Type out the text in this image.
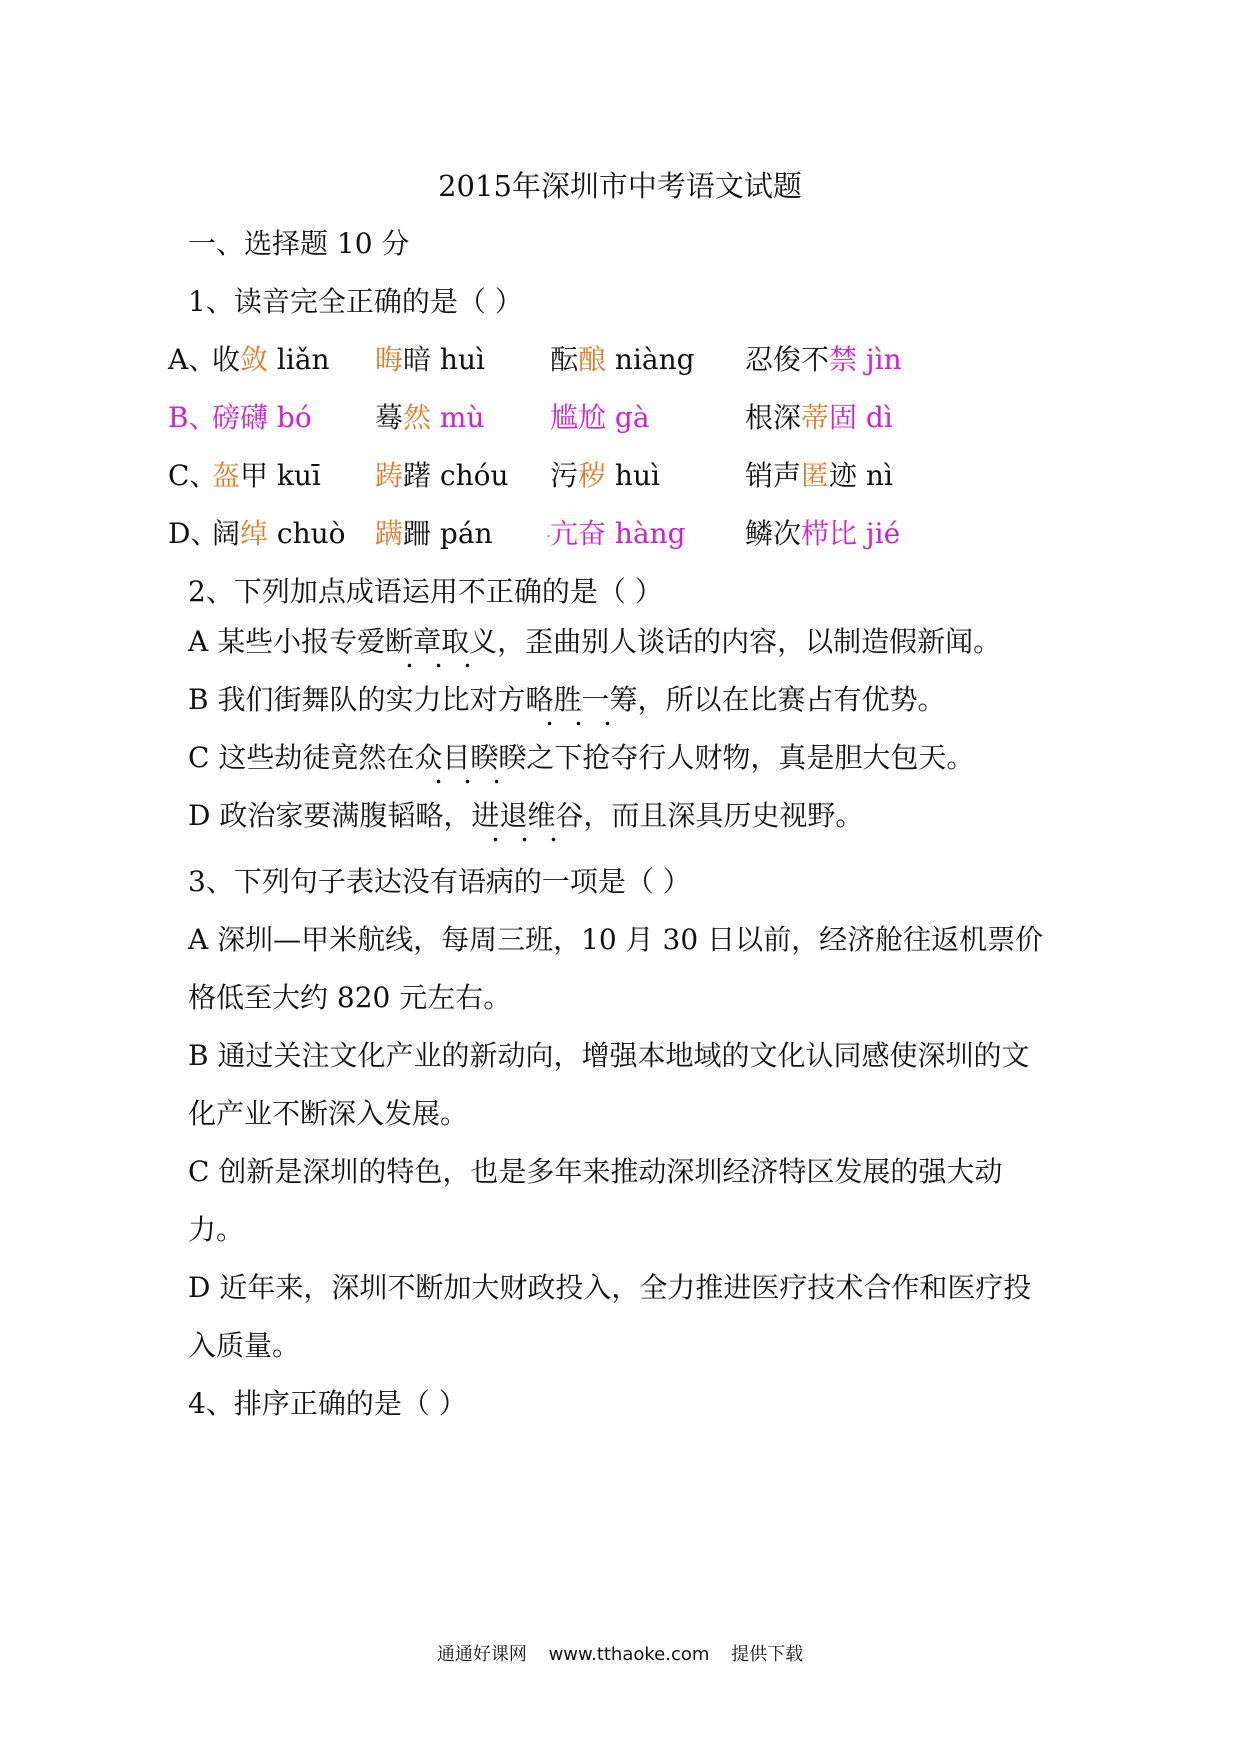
2015年深圳市中考语文试题
一、选择题 10 分
1、读音完全正确的是（ ）
A、
收敛 liǎn 晦暗 huì 酝酿 niàng 忍俊不禁 jìn
B、
磅礴 bó 蓦然 mù 尴尬 gà	根深蒂固 dì
C、
盔甲 kuī 踌躇 chóu 污秽 huì	销声匿迹 nì
D、
阔绰 chuò 蹒跚 pán 亢奋 hàng 鳞次栉比 jié
.
2、下列加点成语运用不正确的是（ ）
A 某些小报专爱断章取义，歪曲别人谈话的内容，以制造假新闻。
B 我们街舞队的实力比对方略胜一筹，所以在比赛占有优势。
C 这些劫徒竟然在众目睽睽之下抢夺行人财物，真是胆大包天。
D 政治家要满腹韬略，进退维谷，而且深具历史视野。
3、下列句子表达没有语病的一项是（ ）
A 深圳—甲米航线，每周三班，10 月 30 日以前，经济舱往返机票价
格低至大约 820 元左右。
B 通过关注文化产业的新动向，增强本地域的文化认同感使深圳的文
化产业不断深入发展。
C 创新是深圳的特色，也是多年来推动深圳经济特区发展的强大动
力。
D 近年来，深圳不断加大财政投入，全力推进医疗技术合作和医疗投
入质量。
4、排序正确的是（ ）
通通好课网 www.tthaoke.com 提供下载
